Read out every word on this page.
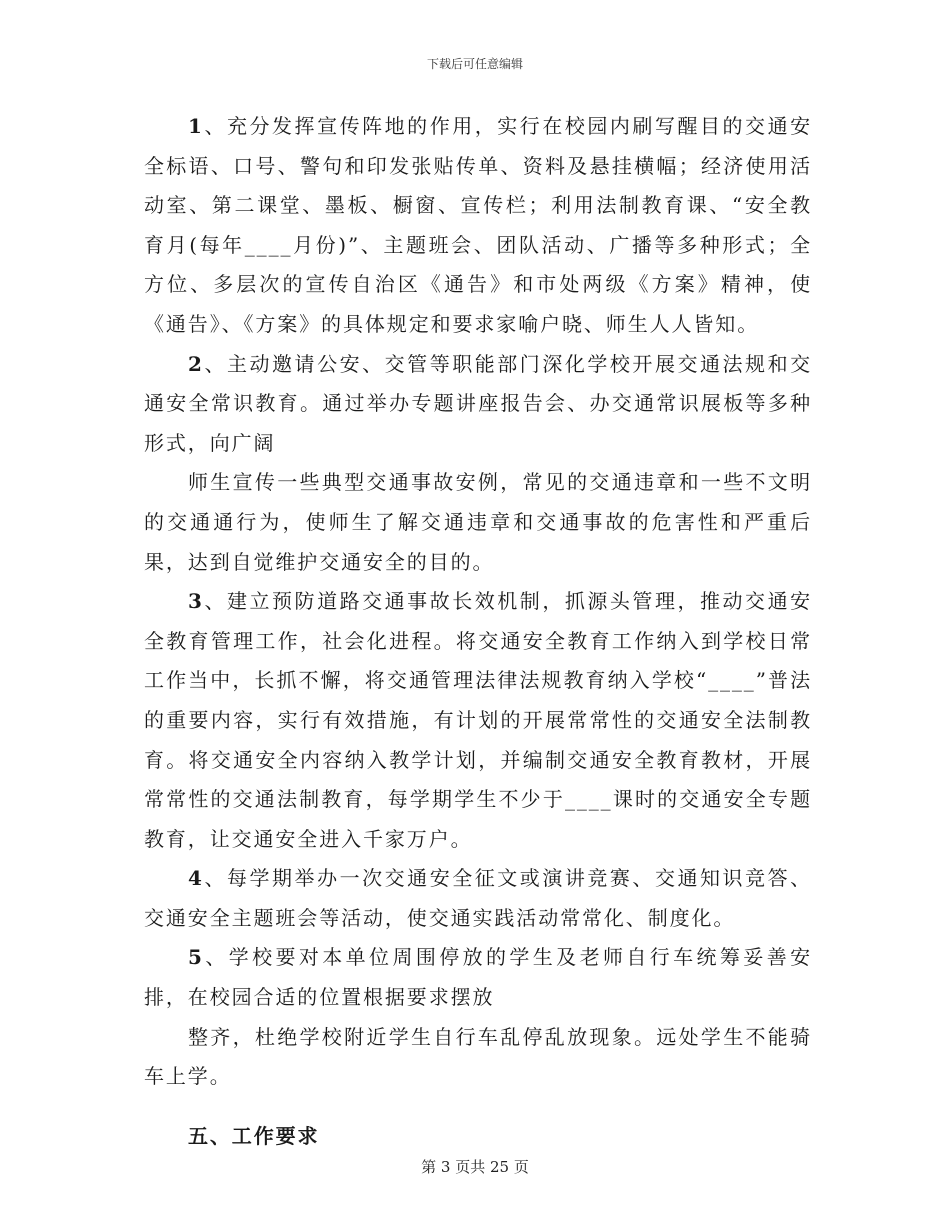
下载后可任意编辑

1、充分发挥宣传阵地的作用，实行在校园内刷写醒目的交通安全标语、口号、警句和印发张贴传单、资料及悬挂横幅；经济使用活动室、第二课堂、墨板、橱窗、宣传栏；利用法制教育课、“安全教育月(每年____月份)”、主题班会、团队活动、广播等多种形式；全方位、多层次的宣传自治区《通告》和市处两级《方案》精神，使《通告》、《方案》的具体规定和要求家喻户晓、师生人人皆知。

2、主动邀请公安、交管等职能部门深化学校开展交通法规和交通安全常识教育。通过举办专题讲座报告会、办交通常识展板等多种形式，向广阔

师生宣传一些典型交通事故安例，常见的交通违章和一些不文明的交通通行为，使师生了解交通违章和交通事故的危害性和严重后果，达到自觉维护交通安全的目的。

3、建立预防道路交通事故长效机制，抓源头管理，推动交通安全教育管理工作，社会化进程。将交通安全教育工作纳入到学校日常工作当中，长抓不懈，将交通管理法律法规教育纳入学校“____”普法的重要内容，实行有效措施，有计划的开展常常性的交通安全法制教育。将交通安全内容纳入教学计划，并编制交通安全教育教材，开展常常性的交通法制教育，每学期学生不少于____课时的交通安全专题教育，让交通安全进入千家万户。

4、每学期举办一次交通安全征文或演讲竞赛、交通知识竞答、交通安全主题班会等活动，使交通实践活动常常化、制度化。

5、学校要对本单位周围停放的学生及老师自行车统筹妥善安排，在校园合适的位置根据要求摆放

整齐，杜绝学校附近学生自行车乱停乱放现象。远处学生不能骑车上学。

五、工作要求

第 3 页共 25 页
